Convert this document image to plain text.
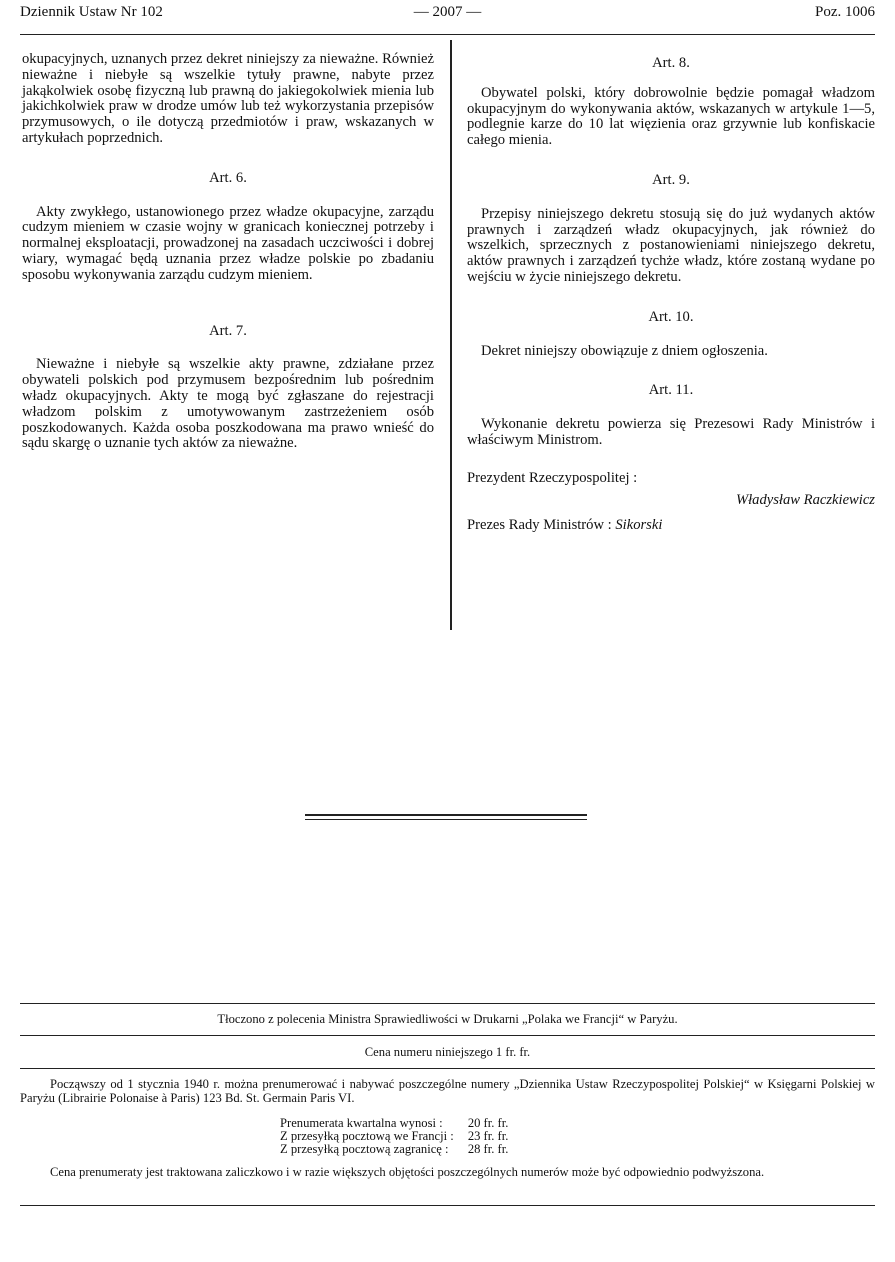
Dziennik Ustaw Nr 102	— 2007 —	Poz. 1006

okupacyjnych, uznanych przez dekret niniejszy za nieważne. Również nieważne i niebyłe są wszelkie tytuły prawne, nabyte przez jakąkolwiek osobę fizyczną lub prawną do jakiegokolwiek mienia lub jakichkolwiek praw w drodze umów lub też wykorzystania przepisów przymusowych, o ile dotyczą przedmiotów i praw, wskazanych w artykułach poprzednich.

Art. 6.

Akty zwykłego, ustanowionego przez władze okupacyjne, zarządu cudzym mieniem w czasie wojny w granicach koniecznej potrzeby i normalnej eksploatacji, prowadzonej na zasadach uczciwości i dobrej wiary, wymagać będą uznania przez władze polskie po zbadaniu sposobu wykonywania zarządu cudzym mieniem.

Art. 7.

Nieważne i niebyłe są wszelkie akty prawne, zdziałane przez obywateli polskich pod przymusem bezpośrednim lub pośrednim władz okupacyjnych. Akty te mogą być zgłaszane do rejestracji władzom polskim z umotywowanym zastrzeżeniem osób poszkodowanych. Każda osoba poszkodowana ma prawo wnieść do sądu skargę o uznanie tych aktów za nieważne.

Art. 8.

Obywatel polski, który dobrowolnie będzie pomagał władzom okupacyjnym do wykonywania aktów, wskazanych w artykule 1—5, podlegnie karze do 10 lat więzienia oraz grzywnie lub konfiskacie całego mienia.

Art. 9.

Przepisy niniejszego dekretu stosują się do już wydanych aktów prawnych i zarządzeń władz okupacyjnych, jak również do wszelkich, sprzecznych z postanowieniami niniejszego dekretu, aktów prawnych i zarządzeń tychże władz, które zostaną wydane po wejściu w życie niniejszego dekretu.

Art. 10.

Dekret niniejszy obowiązuje z dniem ogłoszenia.

Art. 11.

Wykonanie dekretu powierza się Prezesowi Rady Ministrów i właściwym Ministrom.

Prezydent Rzeczypospolitej :
Władysław Raczkiewicz
Prezes Rady Ministrów : Sikorski
Tłoczono z polecenia Ministra Sprawiedliwości w Drukarni „Polaka we Francji“ w Paryżu.
Cena numeru niniejszego 1 fr. fr.

Począwszy od 1 stycznia 1940 r. można prenumerować i nabywać poszczególne numery „Dziennika Ustaw Rzeczypospolitej Polskiej“ w Księgarni Polskiej w Paryżu (Librairie Polonaise à Paris) 123 Bd. St. Germain Paris VI.

Prenumerata kwartalna wynosi :	20 fr. fr.
Z przesyłką pocztową we Francji :	23 fr. fr.
Z przesyłką pocztową zagranicę :	28 fr. fr.

Cena prenumeraty jest traktowana zaliczkowo i w razie większych objętości poszczególnych numerów może być odpowiednio podwyższona.
